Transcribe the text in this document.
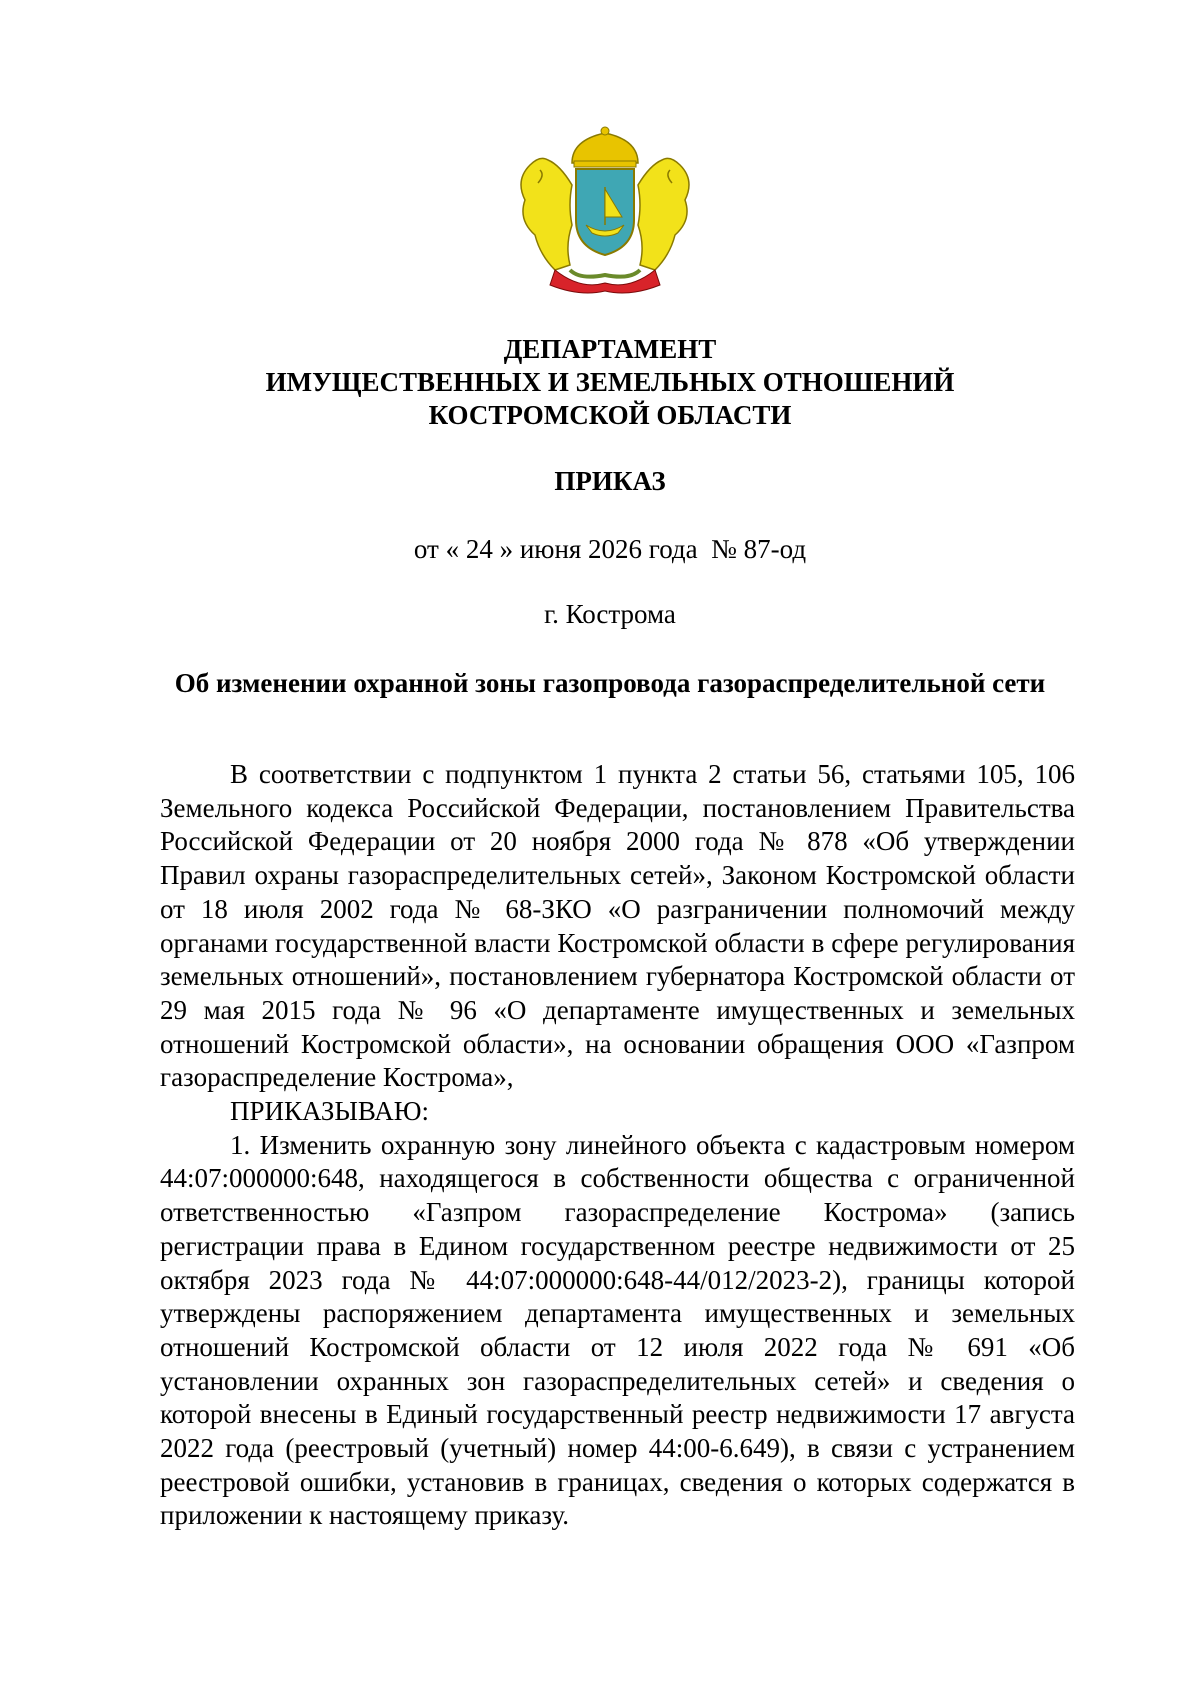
ДЕПАРТАМЕНТ
ИМУЩЕСТВЕННЫХ И ЗЕМЕЛЬНЫХ ОТНОШЕНИЙ
КОСТРОМСКОЙ ОБЛАСТИ
ПРИКАЗ
от « 24 » июня 2026 года  № 87-од
г. Кострома
Об изменении охранной зоны газопровода газораспределительной сети

В соответствии с подпунктом 1 пункта 2 статьи 56, статьями 105, 106 Земельного кодекса Российской Федерации, постановлением Правительства Российской Федерации от 20 ноября 2000 года № 878 «Об утверждении Правил охраны газораспределительных сетей», Законом Костромской области от 18 июля 2002 года № 68-ЗКО «О разграничении полномочий между органами государственной власти Костромской области в сфере регулирования земельных отношений», постановлением губернатора Костромской области от 29 мая 2015 года № 96 «О департаменте имущественных и земельных отношений Костромской области», на основании обращения ООО «Газпром газораспределение Кострома»,

ПРИКАЗЫВАЮ:

1. Изменить охранную зону линейного объекта с кадастровым номером 44:07:000000:648, находящегося в собственности общества с ограниченной ответственностью «Газпром газораспределение Кострома» (запись регистрации права в Едином государственном реестре недвижимости от 25 октября 2023 года № 44:07:000000:648-44/012/2023-2), границы которой утверждены распоряжением департамента имущественных и земельных отношений Костромской области от 12 июля 2022 года № 691 «Об установлении охранных зон газораспределительных сетей» и сведения о которой внесены в Единый государственный реестр недвижимости 17 августа 2022 года (реестровый (учетный) номер 44:00-6.649), в связи с устранением реестровой ошибки, установив в границах, сведения о которых содержатся в приложении к настоящему приказу.
